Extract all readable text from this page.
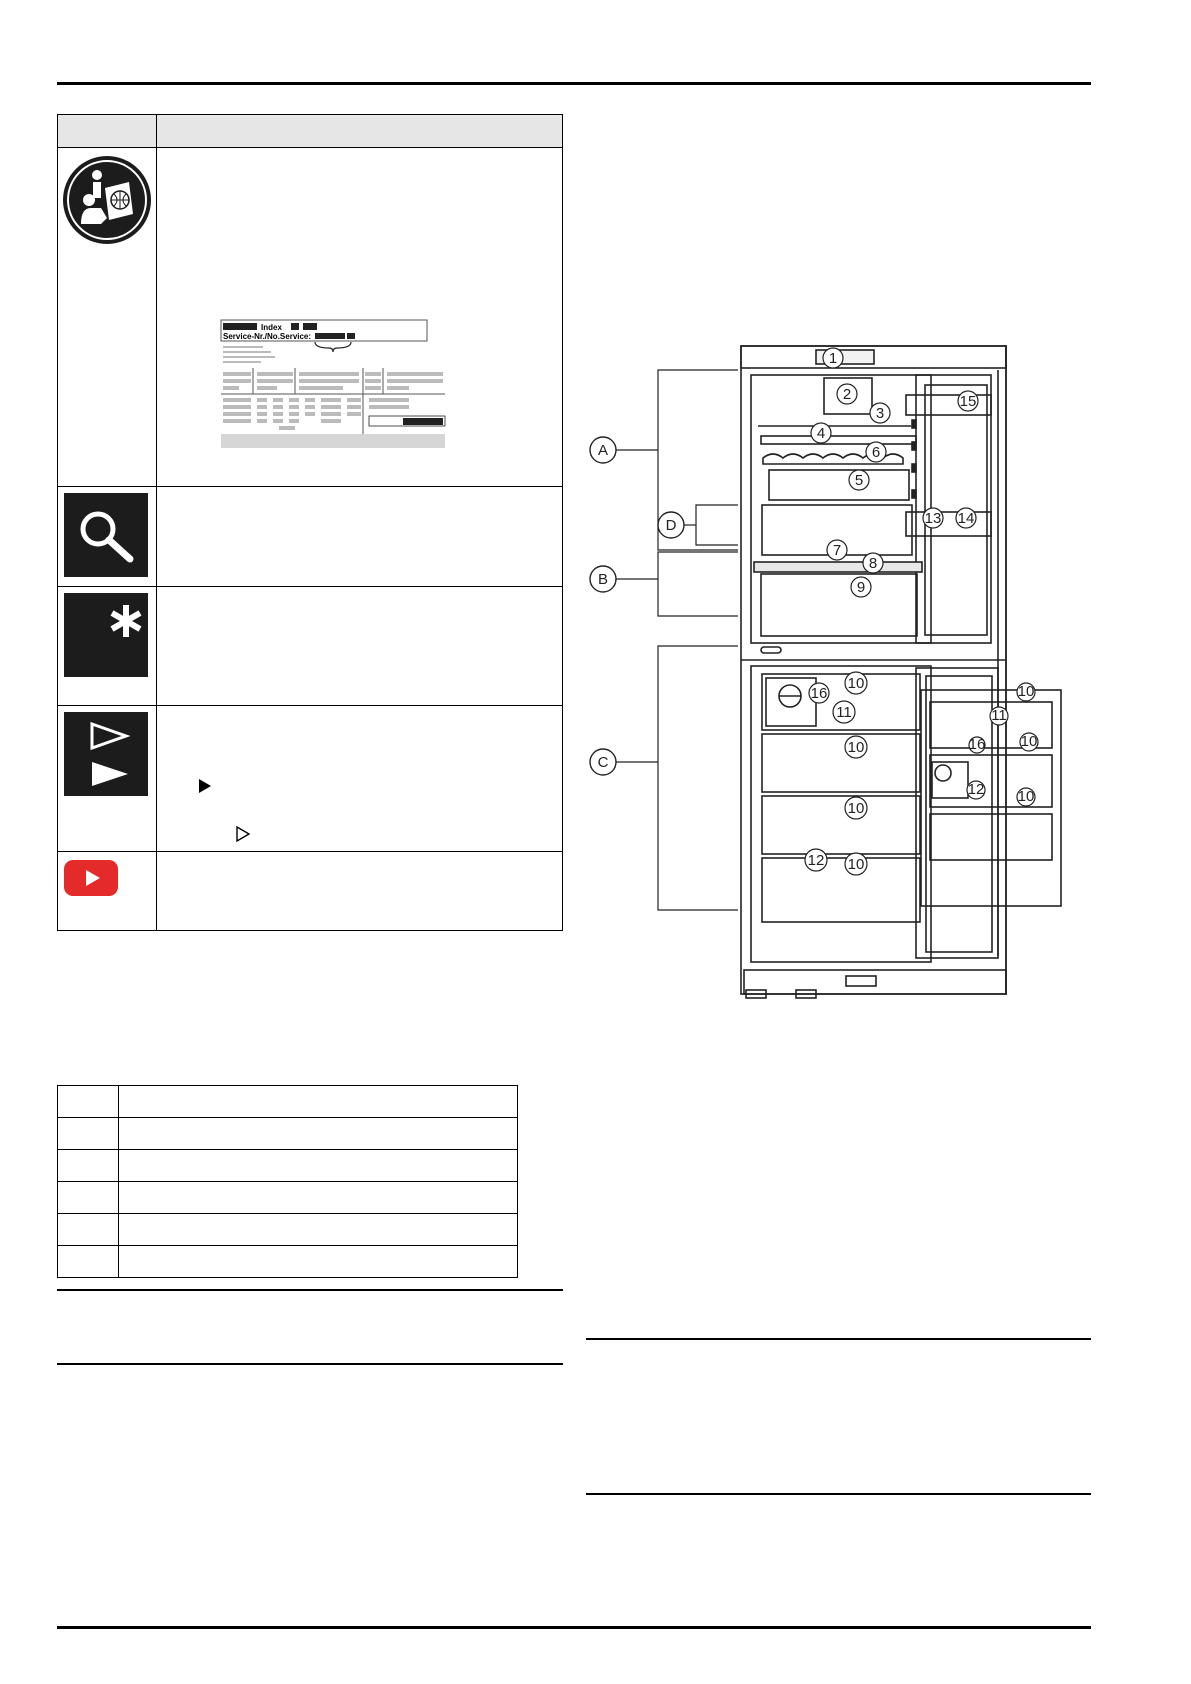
Index
Service-Nr./No.Service:

A
B
C
D
1
2
3
4
6
5
7
8
9
10
11
10
10
12 10
13 14
15
16	10
11
16 10
12 10
